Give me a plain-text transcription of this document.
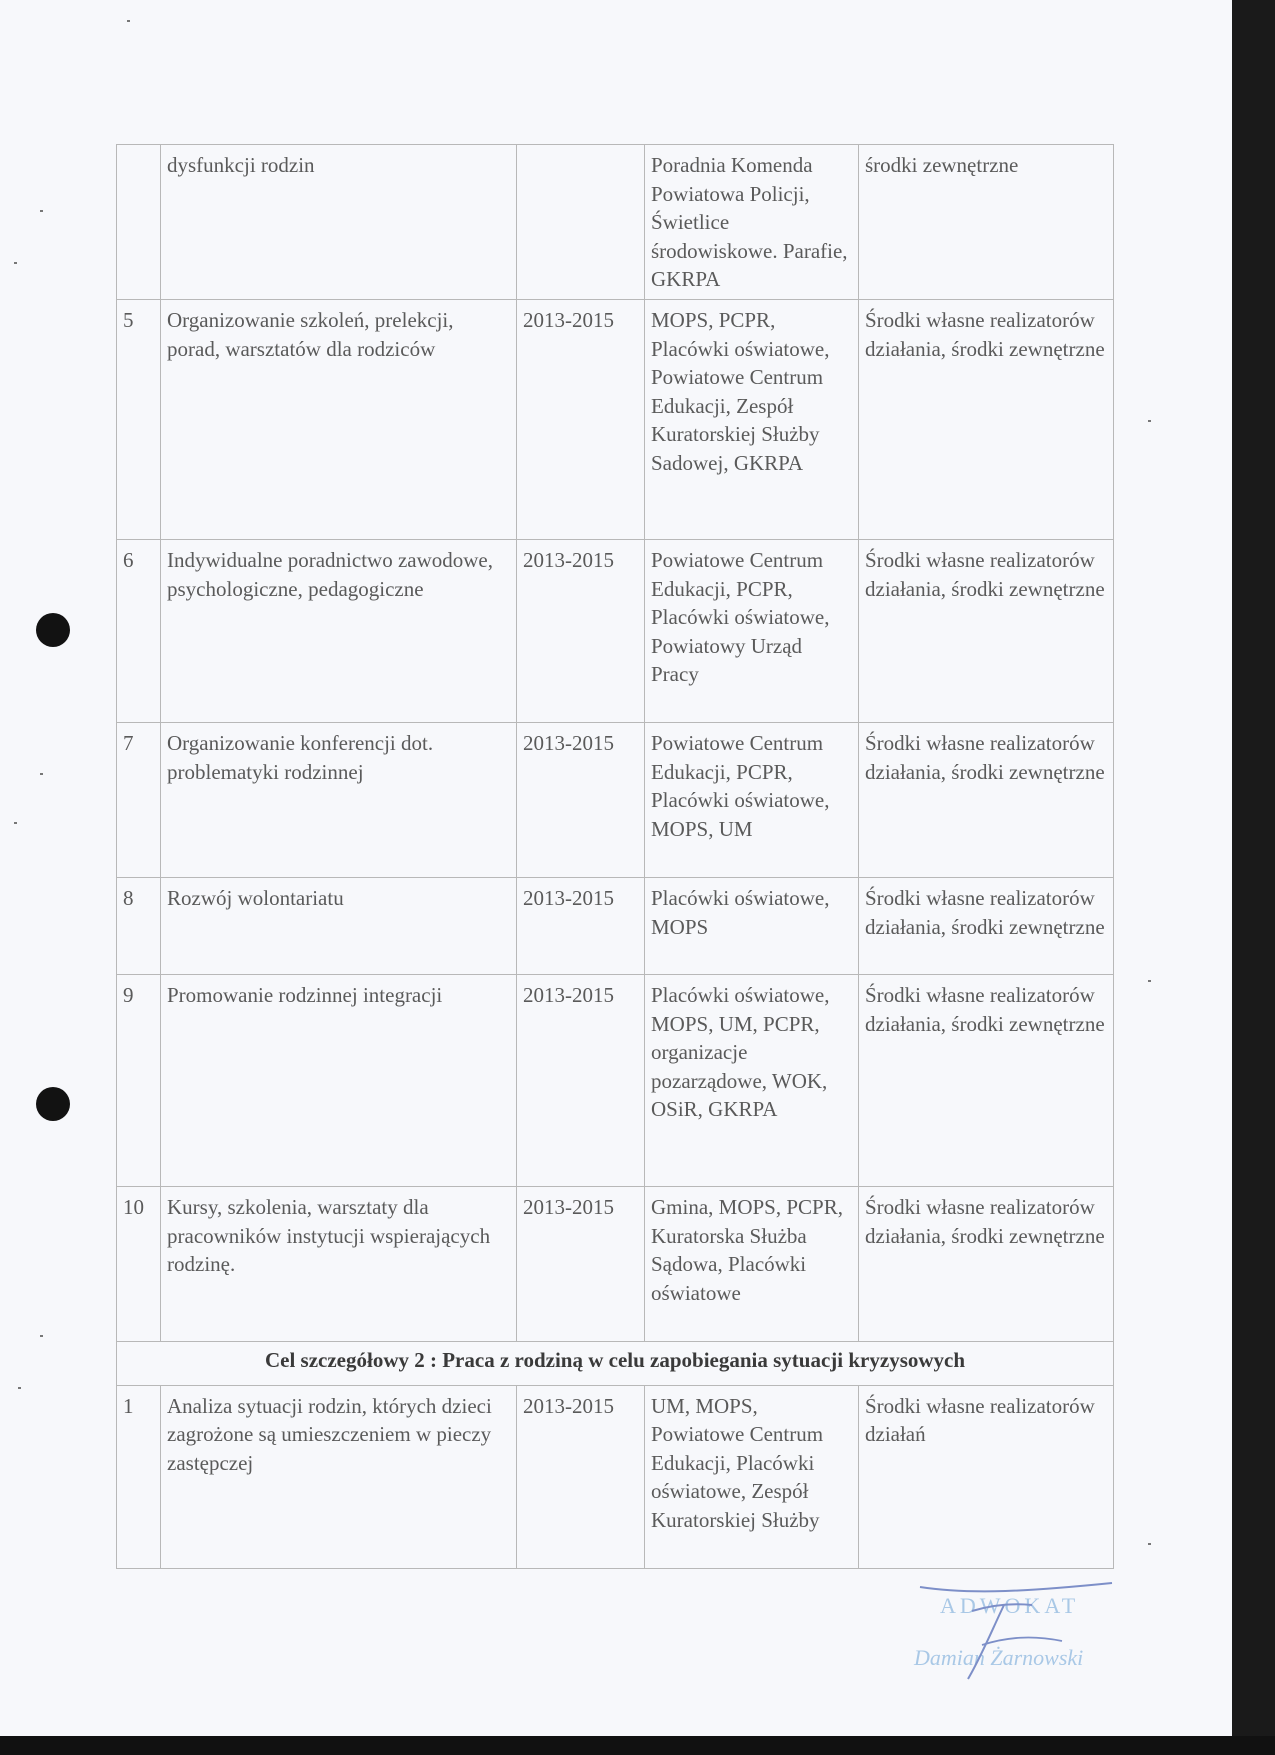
	dysfunkcji rodzin		Poradnia Komenda Powiatowa Policji, Świetlice środowiskowe. Parafie, GKRPA	środki zewnętrzne
5	Organizowanie szkoleń, prelekcji, porad, warsztatów dla rodziców	2013-2015	MOPS, PCPR, Placówki oświatowe, Powiatowe Centrum Edukacji, Zespół Kuratorskiej Służby Sadowej, GKRPA	Środki własne realizatorów działania, środki zewnętrzne
6	Indywidualne poradnictwo zawodowe, psychologiczne, pedagogiczne	2013-2015	Powiatowe Centrum Edukacji, PCPR, Placówki oświatowe, Powiatowy Urząd Pracy	Środki własne realizatorów działania, środki zewnętrzne
7	Organizowanie konferencji dot. problematyki rodzinnej	2013-2015	Powiatowe Centrum Edukacji, PCPR, Placówki oświatowe, MOPS, UM	Środki własne realizatorów działania, środki zewnętrzne
8	Rozwój wolontariatu	2013-2015	Placówki oświatowe, MOPS	Środki własne realizatorów działania, środki zewnętrzne
9	Promowanie rodzinnej integracji	2013-2015	Placówki oświatowe, MOPS, UM, PCPR, organizacje pozarządowe, WOK, OSiR, GKRPA	Środki własne realizatorów działania, środki zewnętrzne
10	Kursy, szkolenia, warsztaty dla pracowników instytucji wspierających rodzinę.	2013-2015	Gmina, MOPS, PCPR, Kuratorska Służba Sądowa, Placówki oświatowe	Środki własne realizatorów działania, środki zewnętrzne
Cel szczegółowy 2 : Praca z rodziną w celu zapobiegania sytuacji kryzysowych				
1	Analiza sytuacji rodzin, których dzieci zagrożone są umieszczeniem w pieczy zastępczej	2013-2015	UM, MOPS, Powiatowe Centrum Edukacji, Placówki oświatowe, Zespół Kuratorskiej Służby	Środki własne realizatorów działań
ADWOKAT
Damian Żarnowski
